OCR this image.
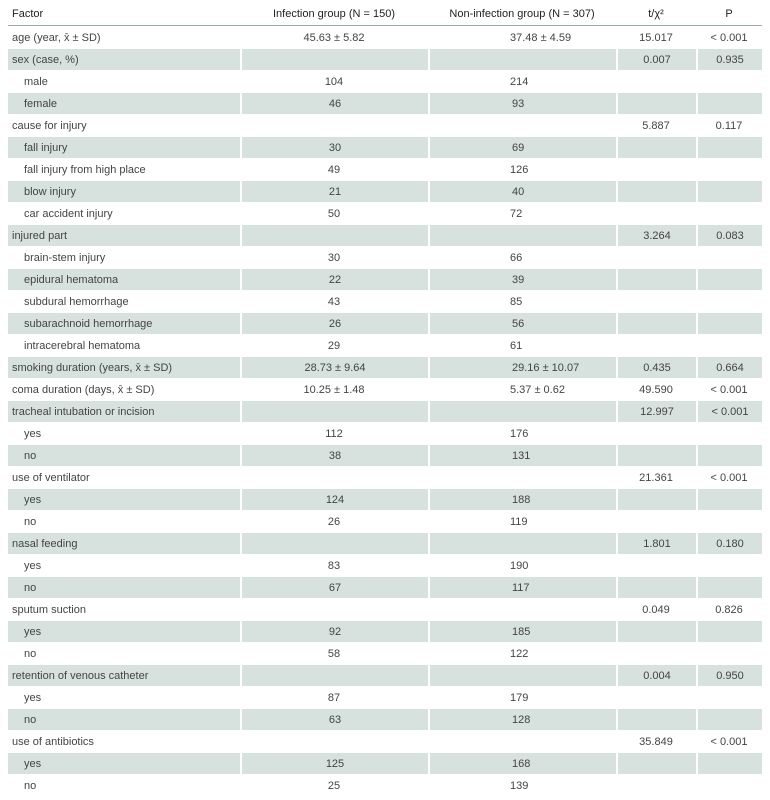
Factor	Infection group (N = 150)	Non-infection group (N = 307)	t/χ²	P
age (year, x̄ ± SD)	45.63 ± 5.82	37.48 ± 4.59	15.017	< 0.001
sex (case, %)			0.007	0.935
male	104	214		
female	46	93		
cause for injury			5.887	0.117
fall injury	30	69		
fall injury from high place	49	126		
blow injury	21	40		
car accident injury	50	72		
injured part			3.264	0.083
brain-stem injury	30	66		
epidural hematoma	22	39		
subdural hemorrhage	43	85		
subarachnoid hemorrhage	26	56		
intracerebral hematoma	29	61		
smoking duration (years, x̄ ± SD)	28.73 ± 9.64	29.16 ± 10.07	0.435	0.664
coma duration (days, x̄ ± SD)	10.25 ± 1.48	5.37 ± 0.62	49.590	< 0.001
tracheal intubation or incision			12.997	< 0.001
yes	112	176		
no	38	131		
use of ventilator			21.361	< 0.001
yes	124	188		
no	26	119		
nasal feeding			1.801	0.180
yes	83	190		
no	67	117		
sputum suction			0.049	0.826
yes	92	185		
no	58	122		
retention of venous catheter			0.004	0.950
yes	87	179		
no	63	128		
use of antibiotics			35.849	< 0.001
yes	125	168		
no	25	139		
